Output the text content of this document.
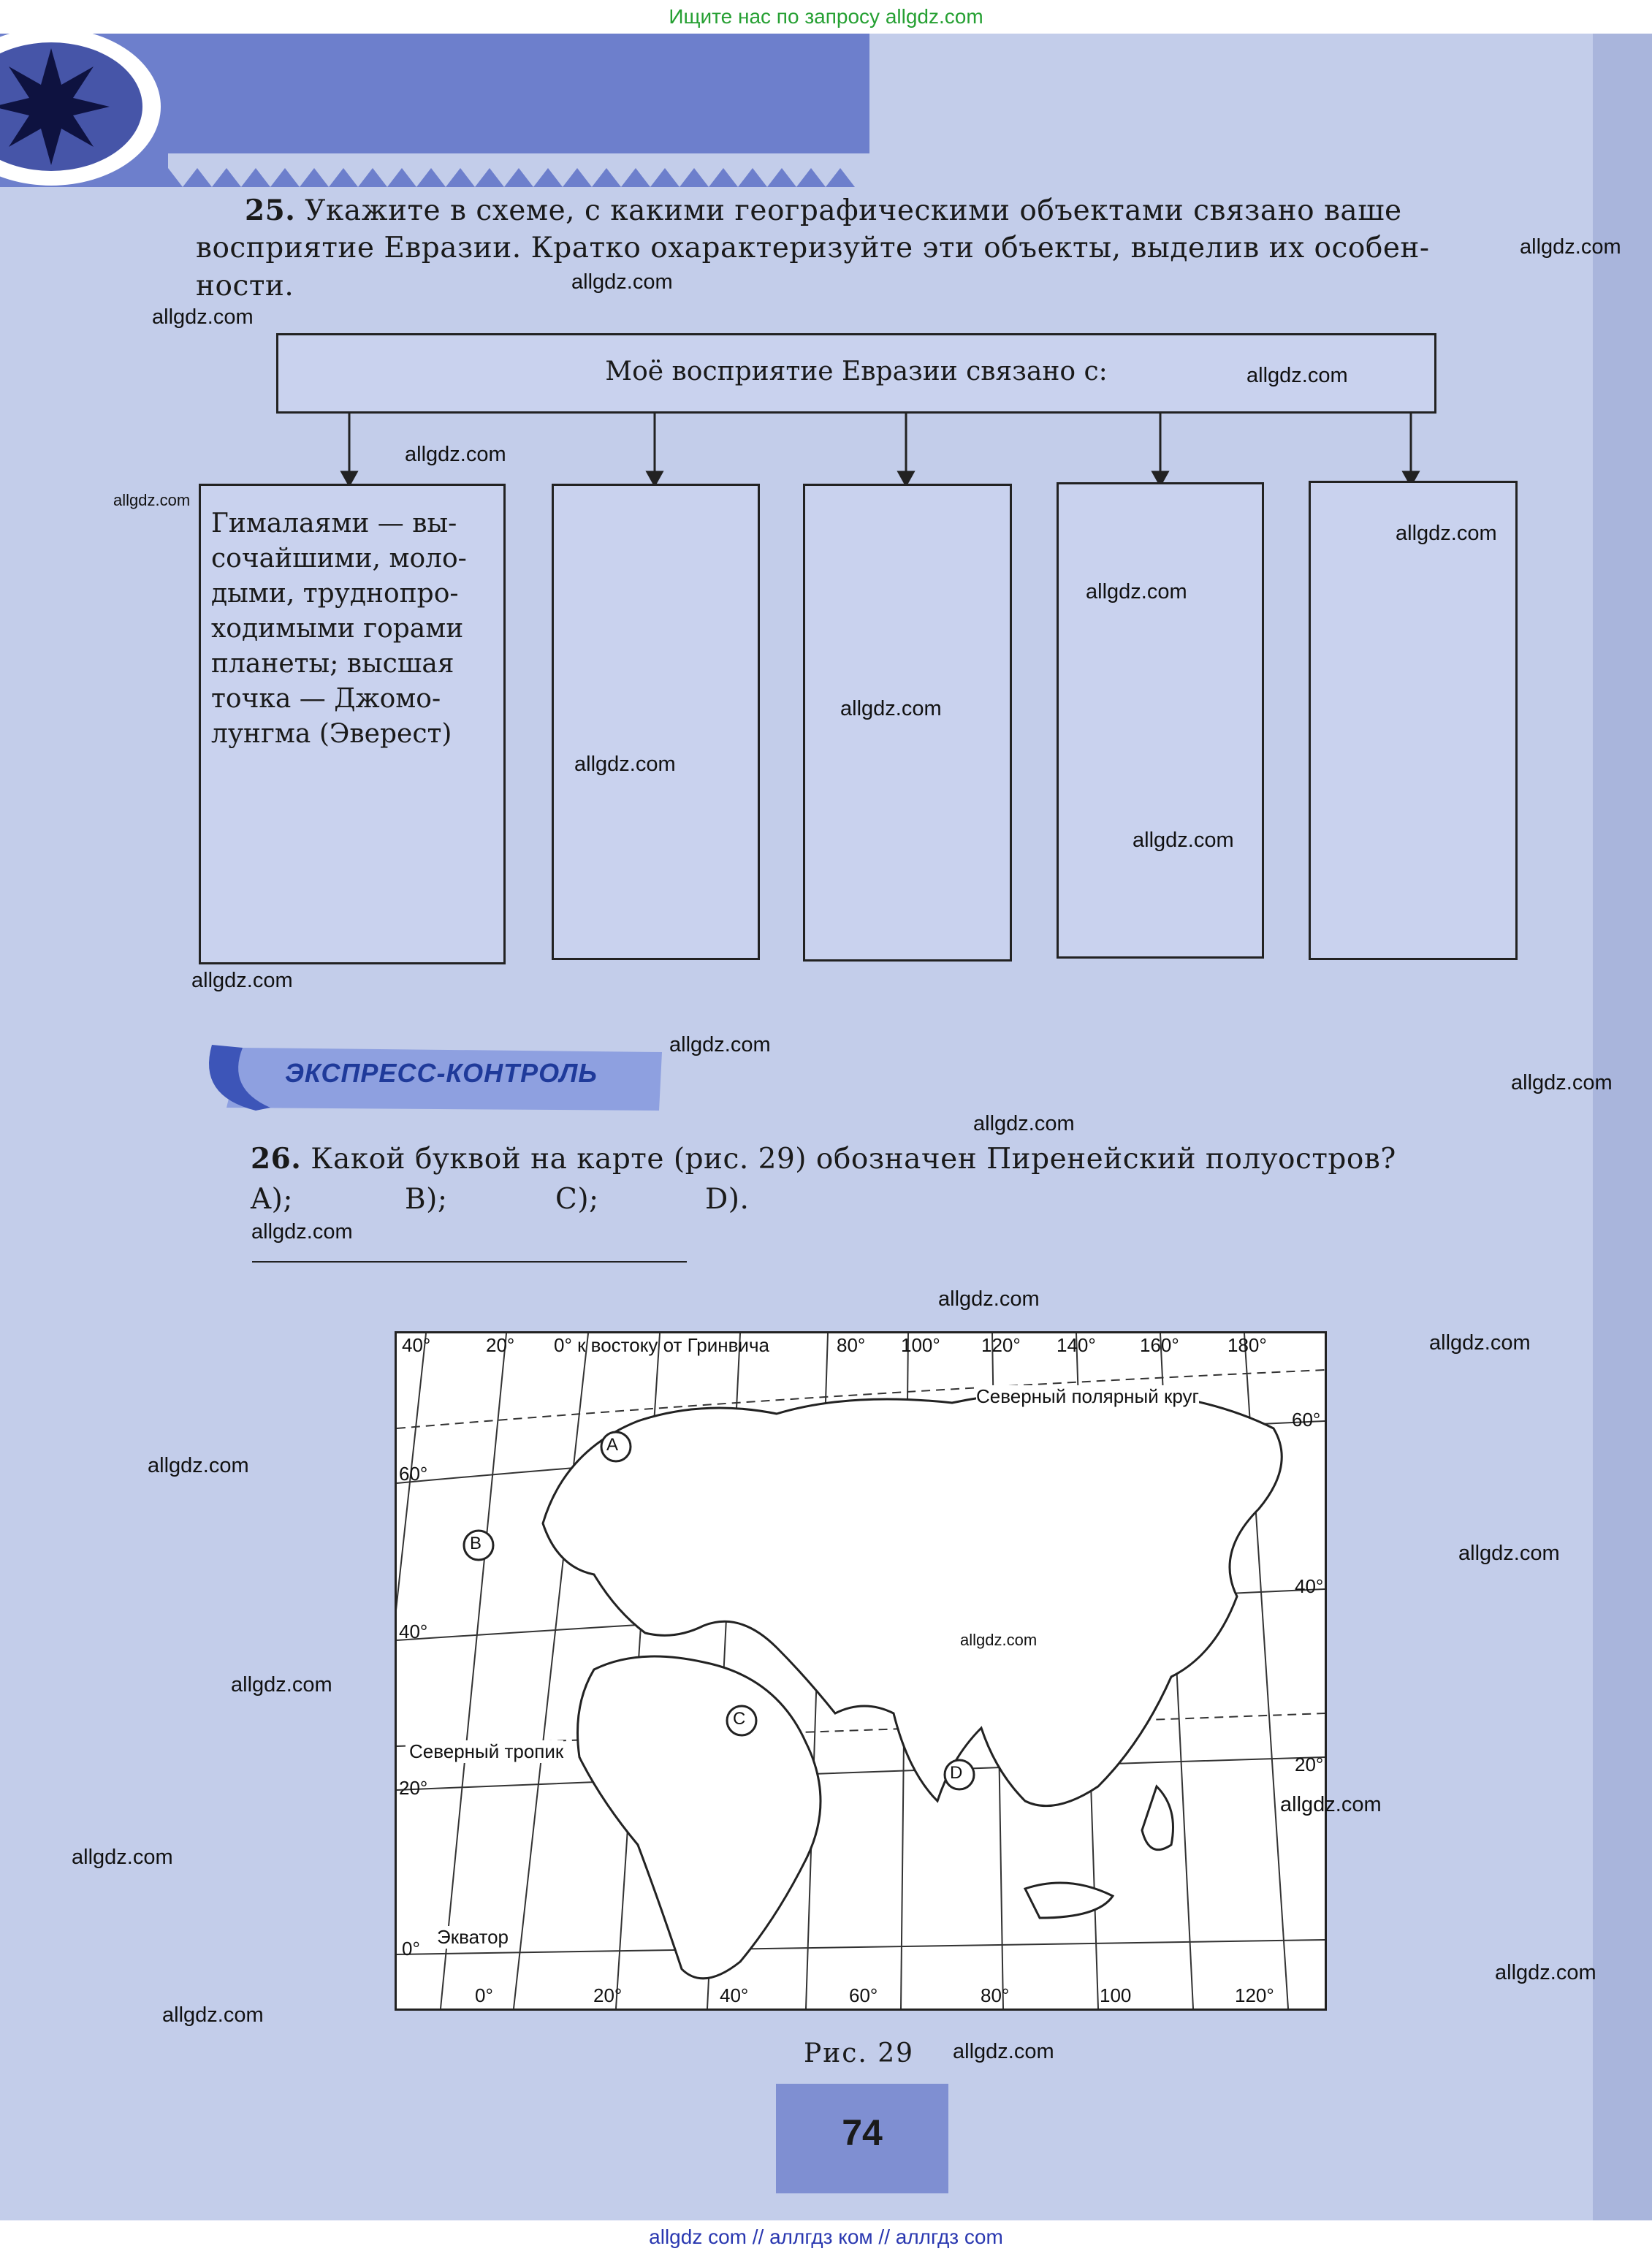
Ищите нас по запросу allgdz.com
25. Укажите в схеме, с какими географическими объектами связано ваше
восприятие Евразии. Кратко охарактеризуйте эти объекты, выделив их особен-
ности.
Моё восприятие Евразии связано с:
Гималаями — вы-
сочайшими, моло-
дыми, труднопро-
ходимыми горами
планеты; высшая
точка — Джомо-
лунгма (Эверест)
ЭКСПРЕСС-КОНТРОЛЬ
26. Какой буквой на карте (рис. 29) обозначен Пиренейский полуостров?
A);	B);	C);	D).
40°	20° 0° к востоку от Гринвича	80° 100° 120° 140° 160°	180°
0°	20°	40°	60°	80°	100	120°
60°
40°
20°
0°
60°
40°
20°
Северный полярный круг
Северный тропик
Экватор
A
B
C
D
Рис. 29
74
allgdz.com
allgdz.com
allgdz.com
allgdz.com
allgdz.com
allgdz.com
allgdz.com
allgdz.com
allgdz.com
allgdz.com
allgdz.com
allgdz.com
allgdz.com
allgdz.com
allgdz.com
allgdz.com
allgdz.com
allgdz.com
allgdz.com
allgdz.com
allgdz.com
allgdz.com
allgdz.com
allgdz.com
allgdz.com
allgdz.com
allgdz.com
allgdz com // аллгдз ком // аллгдз com
